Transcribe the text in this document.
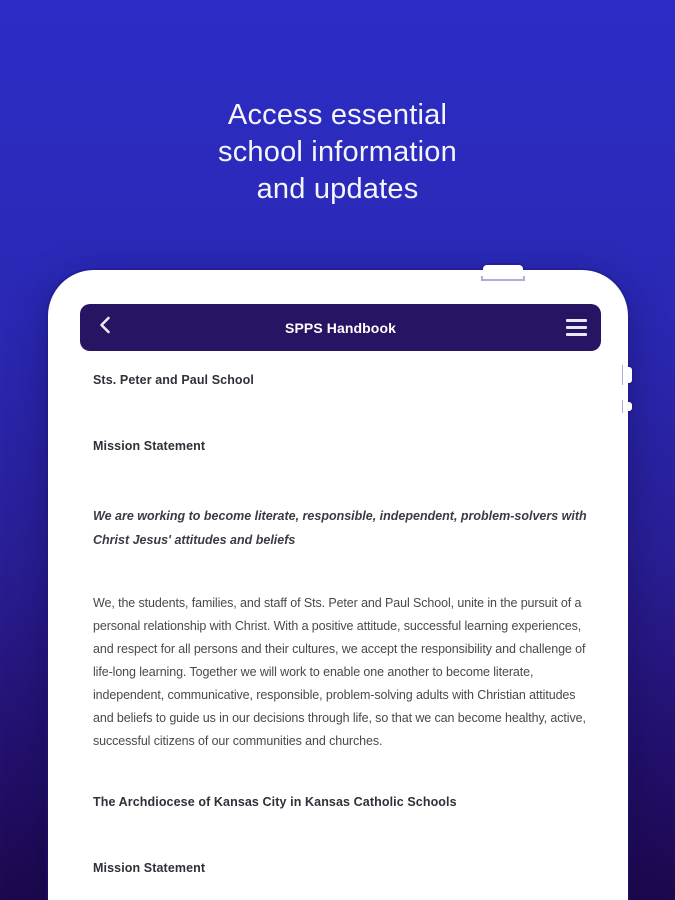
Access essential
school information
and updates
SPPS Handbook
Sts. Peter and Paul School
Mission Statement
We are working to become literate, responsible, independent, problem-solvers with Christ Jesus' attitudes and beliefs
We, the students, families, and staff of Sts. Peter and Paul School, unite in the pursuit of a personal relationship with Christ. With a positive attitude, successful learning experiences, and respect for all persons and their cultures, we accept the responsibility and challenge of life-long learning. Together we will work to enable one another to become literate, independent, communicative, responsible, problem-solving adults with Christian attitudes and beliefs to guide us in our decisions through life, so that we can become healthy, active, successful citizens of our communities and churches.
The Archdiocese of Kansas City in Kansas Catholic Schools
Mission Statement
